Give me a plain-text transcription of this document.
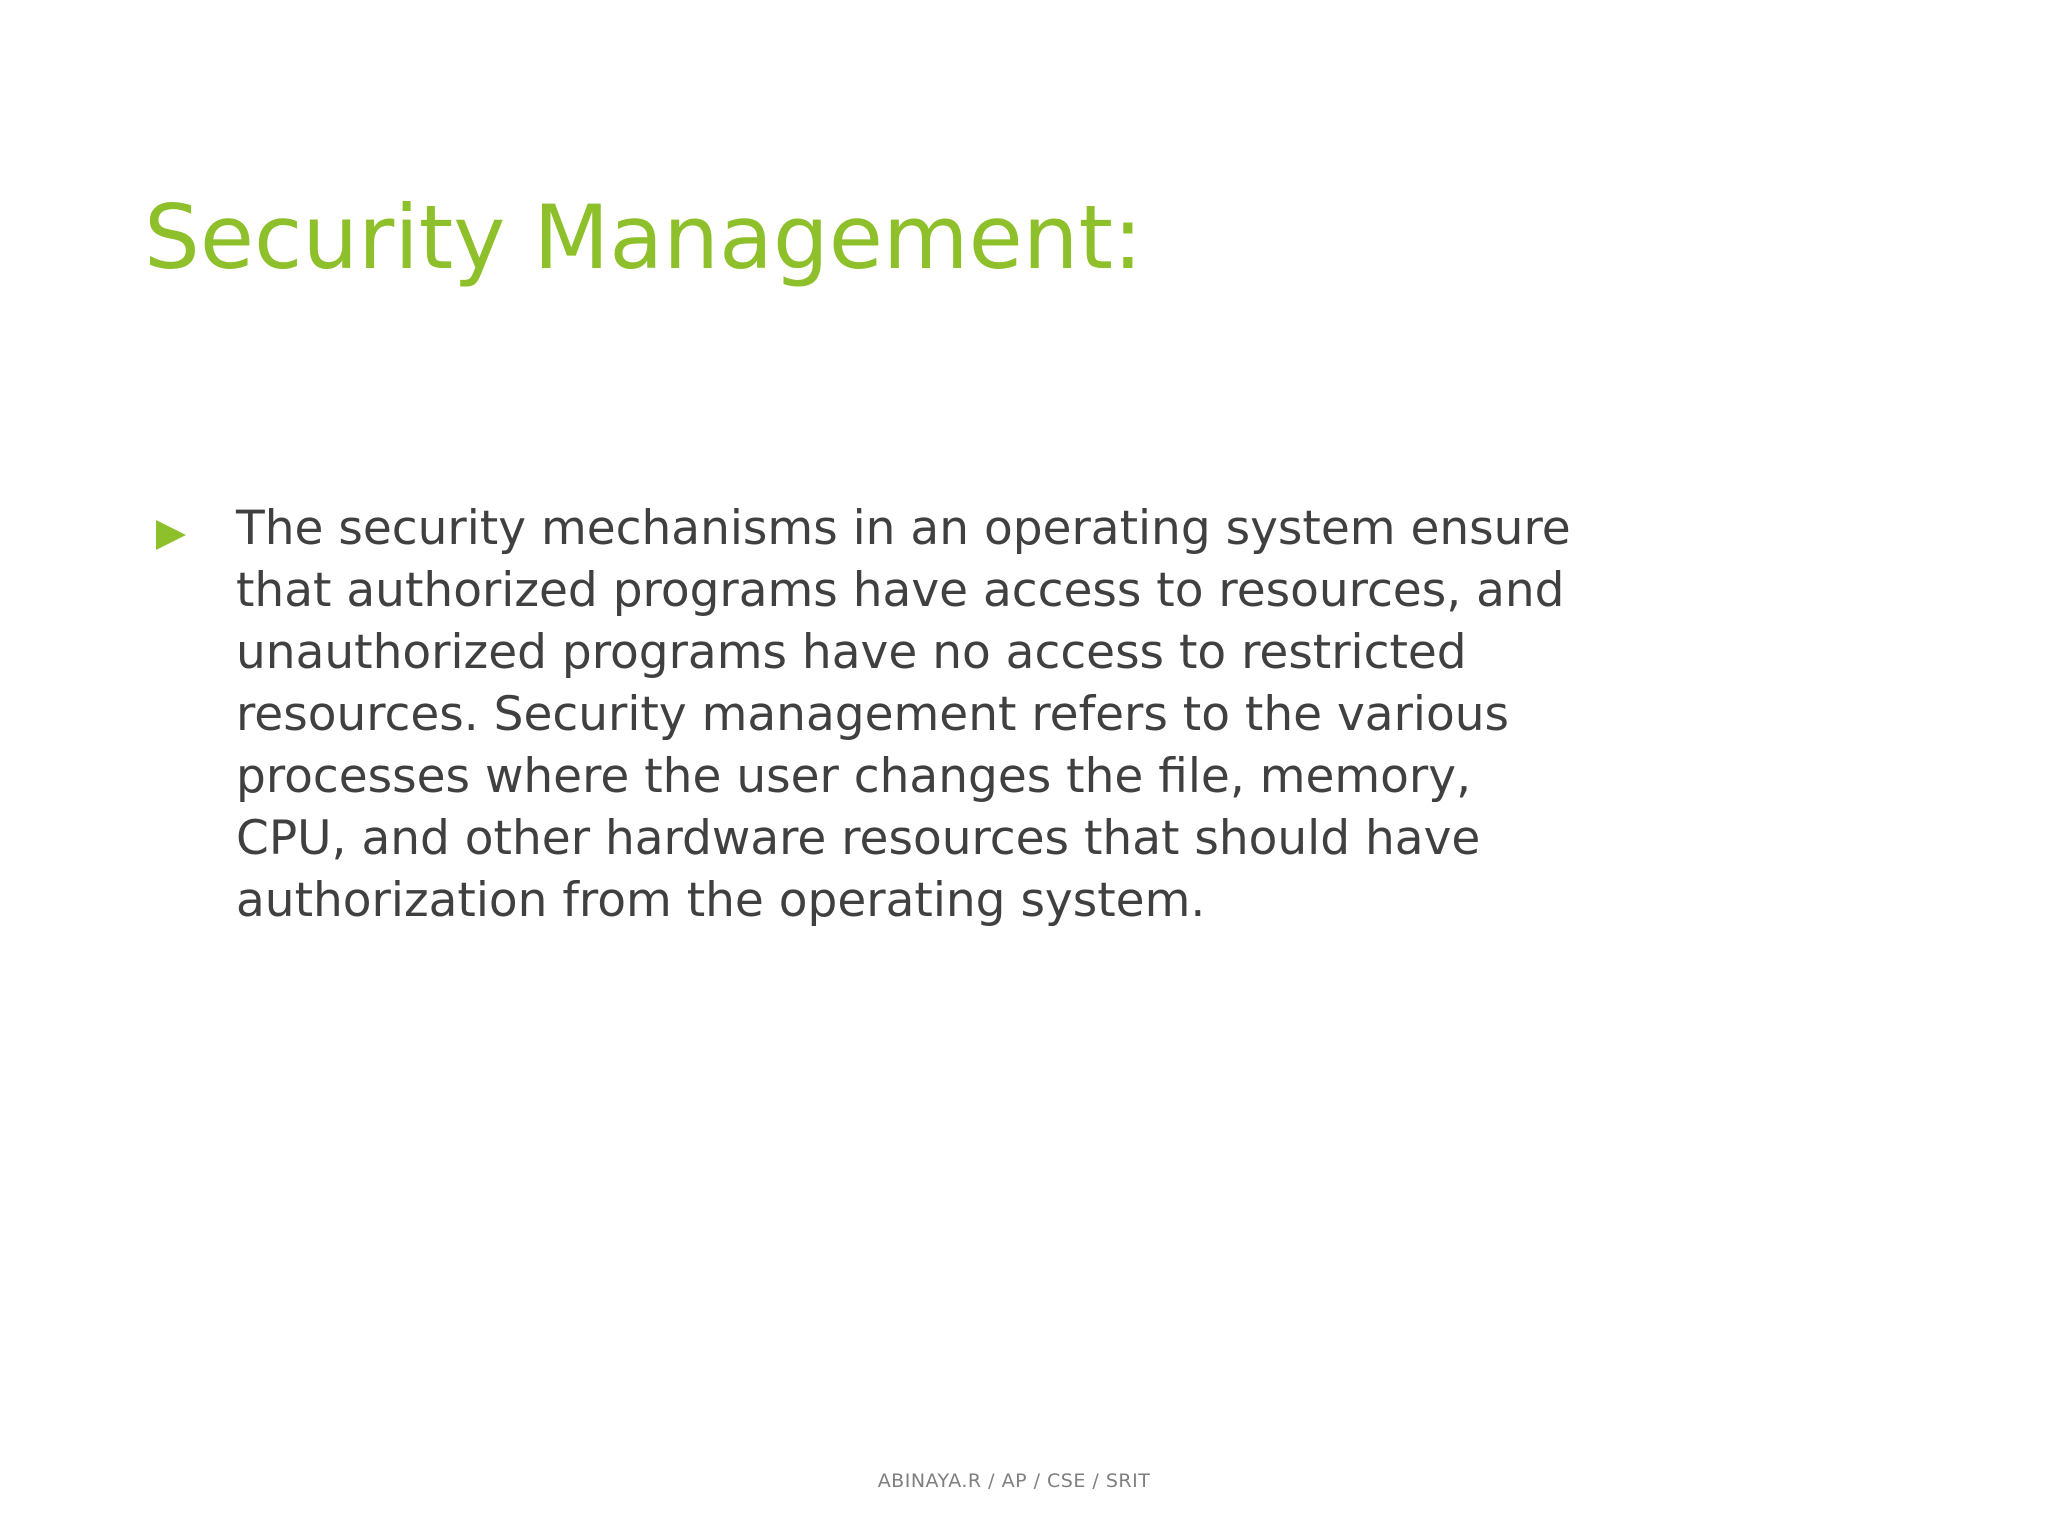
Security Management:

The security mechanisms in an operating system ensure
that authorized programs have access to resources, and
unauthorized programs have no access to restricted
resources. Security management refers to the various
processes where the user changes the file, memory,
CPU, and other hardware resources that should have
authorization from the operating system.

ABINAYA.R / AP / CSE / SRIT
